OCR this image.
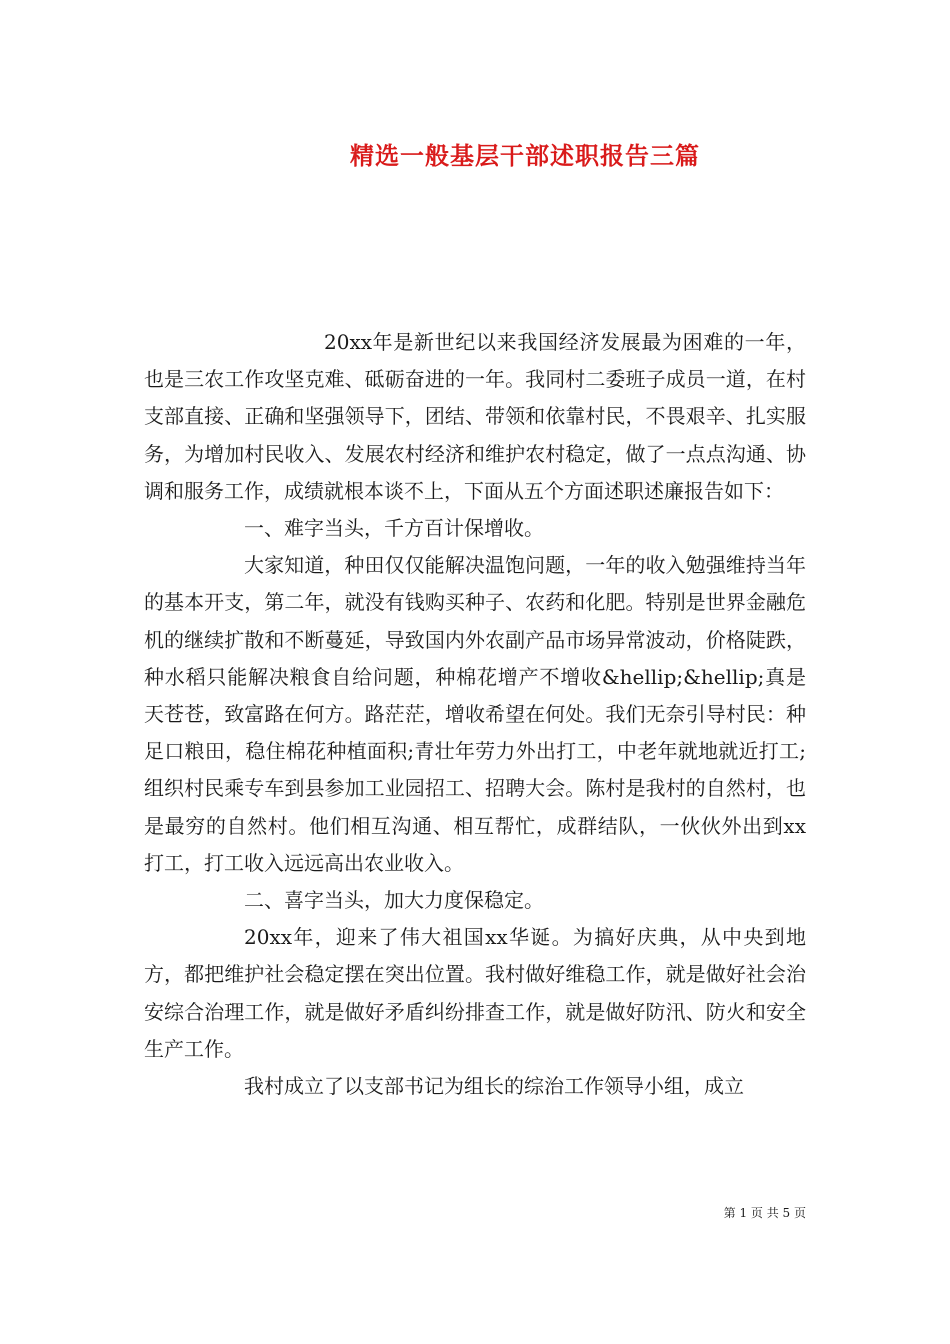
精选一般基层干部述职报告三篇

20xx年是新世纪以来我国经济发展最为困难的一年，也是三农工作攻坚克难、砥砺奋进的一年。我同村二委班子成员一道，在村支部直接、正确和坚强领导下，团结、带领和依靠村民，不畏艰辛、扎实服务，为增加村民收入、发展农村经济和维护农村稳定，做了一点点沟通、协调和服务工作，成绩就根本谈不上，下面从五个方面述职述廉报告如下：

一、难字当头，千方百计保增收。

大家知道，种田仅仅能解决温饱问题，一年的收入勉强维持当年的基本开支，第二年，就没有钱购买种子、农药和化肥。特别是世界金融危机的继续扩散和不断蔓延，导致国内外农副产品市场异常波动，价格陡跌，种水稻只能解决粮食自给问题，种棉花增产不增收&hellip;&hellip;真是天苍苍，致富路在何方。路茫茫，增收希望在何处。我们无奈引导村民：种足口粮田，稳住棉花种植面积;青壮年劳力外出打工，中老年就地就近打工;组织村民乘专车到县参加工业园招工、招聘大会。陈村是我村的自然村，也是最穷的自然村。他们相互沟通、相互帮忙，成群结队，一伙伙外出到xx打工，打工收入远远高出农业收入。

二、喜字当头，加大力度保稳定。

20xx年，迎来了伟大祖国xx华诞。为搞好庆典，从中央到地方，都把维护社会稳定摆在突出位置。我村做好维稳工作，就是做好社会治安综合治理工作，就是做好矛盾纠纷排查工作，就是做好防汛、防火和安全生产工作。

我村成立了以支部书记为组长的综治工作领导小组，成立

第 1 页 共 5 页
